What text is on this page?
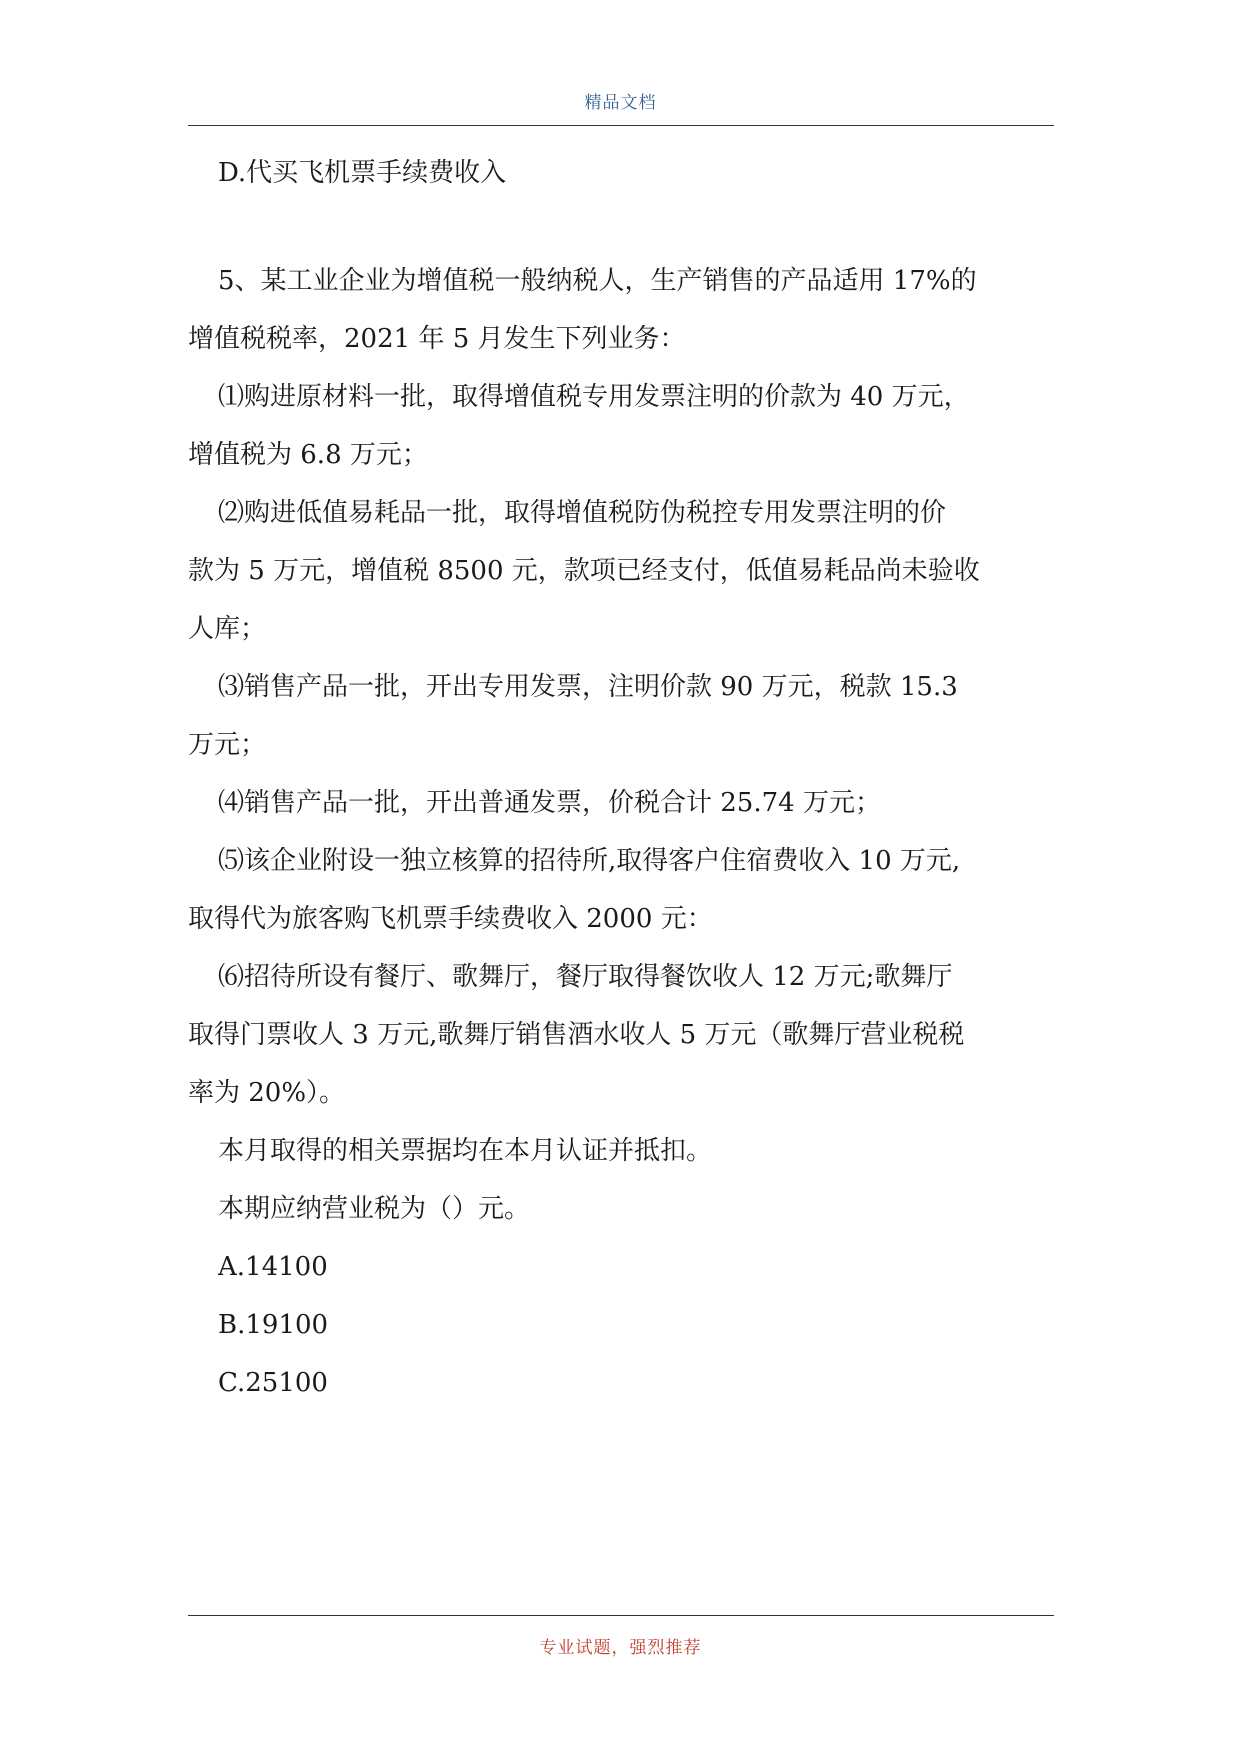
精品文档
D.代买飞机票手续费收入
5、某工业企业为增值税一般纳税人，生产销售的产品适用 17%的
增值税税率，2021 年 5 月发生下列业务：
⑴购进原材料一批，取得增值税专用发票注明的价款为 40 万元，
增值税为 6.8 万元；
⑵购进低值易耗品一批，取得增值税防伪税控专用发票注明的价
款为 5 万元，增值税 8500 元，款项已经支付，低值易耗品尚未验收
人库；
⑶销售产品一批，开出专用发票，注明价款 90 万元，税款 15.3
万元；
⑷销售产品一批，开出普通发票，价税合计 25.74 万元；
⑸该企业附设一独立核算的招待所,取得客户住宿费收入 10 万元,
取得代为旅客购飞机票手续费收入 2000 元：
⑹招待所设有餐厅、歌舞厅，餐厅取得餐饮收人 12 万元;歌舞厅
取得门票收人 3 万元,歌舞厅销售酒水收人 5 万元（歌舞厅营业税税
率为 20%）。
本月取得的相关票据均在本月认证并抵扣。
本期应纳营业税为（）元。
A.14100
B.19100
C.25100
专业试题，强烈推荐
